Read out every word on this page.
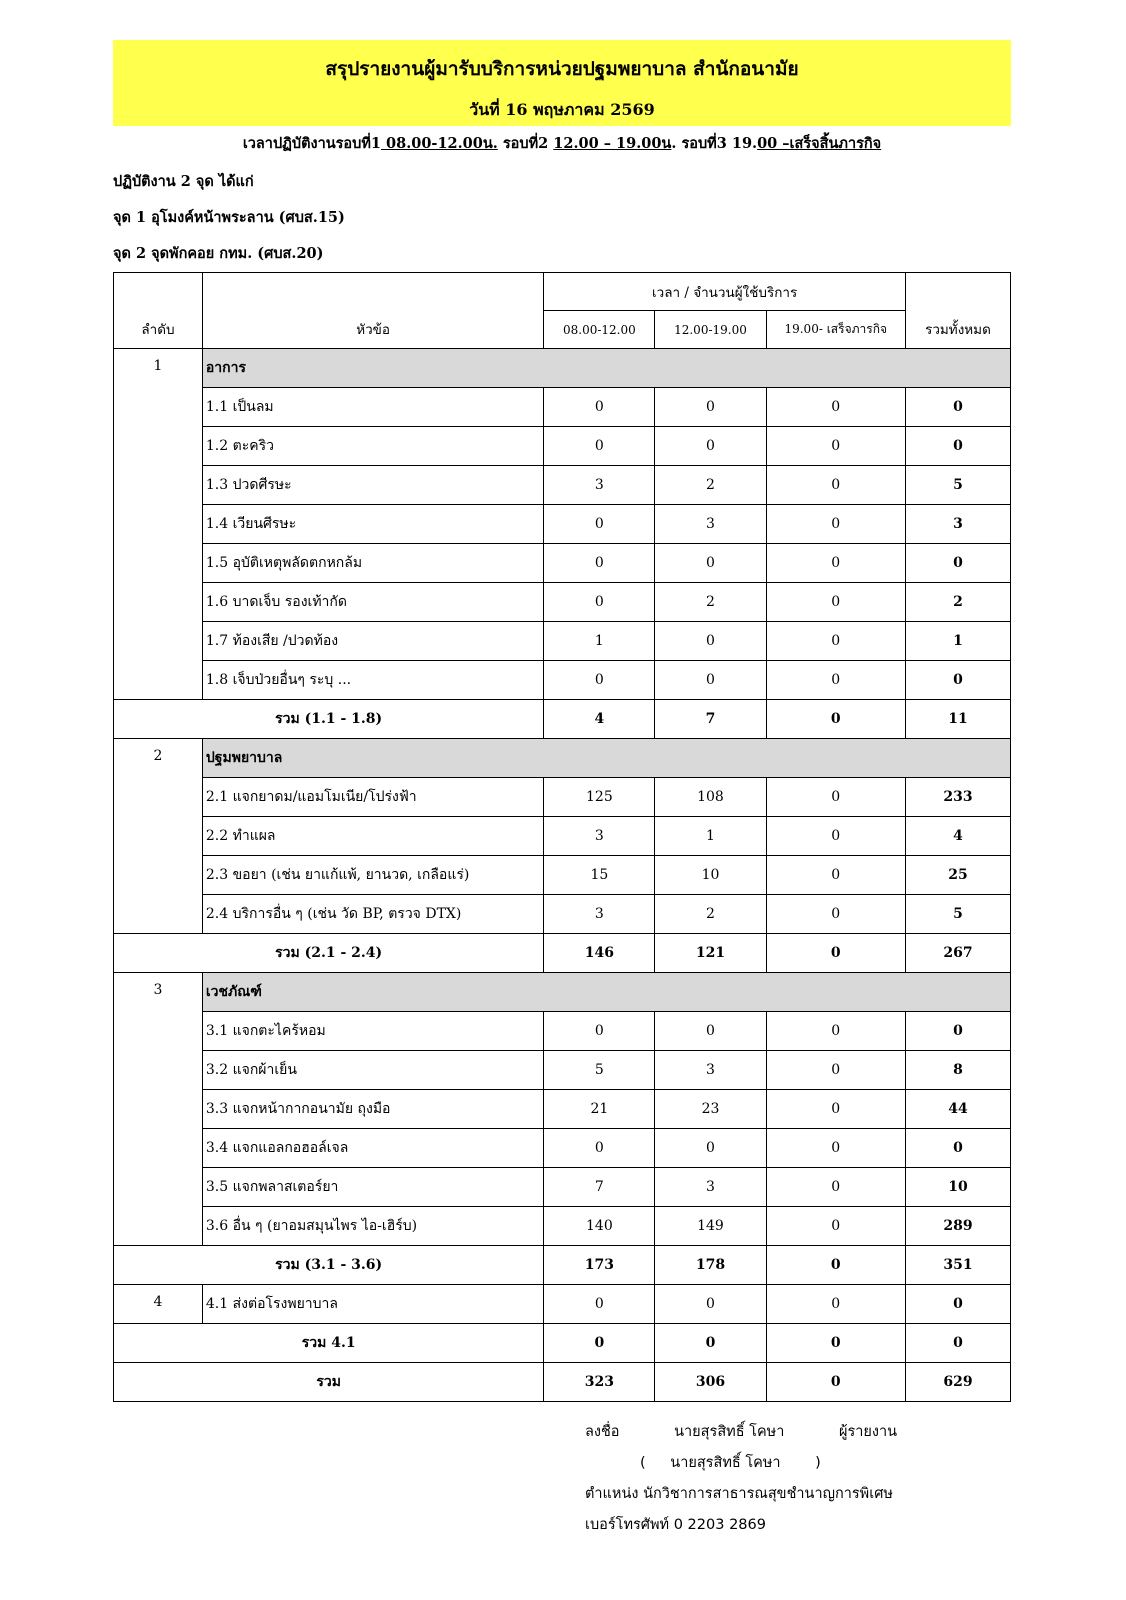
สรุปรายงานผู้มารับบริการหน่วยปฐมพยาบาล สำนักอนามัย
วันที่ 16 พฤษภาคม 2569
เวลาปฏิบัติงานรอบที่1 08.00-12.00น. รอบที่2 12.00 – 19.00น. รอบที่3 19.00 –เสร็จสิ้นภารกิจ
ปฏิบัติงาน 2 จุด ได้แก่
จุด 1 อุโมงค์หน้าพระลาน (ศบส.15)
จุด 2 จุดพักคอย กทม. (ศบส.20)
ลำดับ	หัวข้อ	เวลา / จำนวนผู้ใช้บริการ			รวมทั้งหมด
		08.00-12.00	12.00-19.00	19.00- เสร็จภารกิจ	
1	อาการ				
	1.1 เป็นลม	0	0	0	0
	1.2 ตะคริว	0	0	0	0
	1.3 ปวดศีรษะ	3	2	0	5
	1.4 เวียนศีรษะ	0	3	0	3
	1.5 อุบัติเหตุพลัดตกหกล้ม	0	0	0	0
	1.6 บาดเจ็บ รองเท้ากัด	0	2	0	2
	1.7 ท้องเสีย /ปวดท้อง	1	0	0	1
	1.8 เจ็บป่วยอื่นๆ ระบุ ...	0	0	0	0
รวม (1.1 - 1.8)		4	7	0	11
2	ปฐมพยาบาล				
	2.1 แจกยาดม/แอมโมเนีย/โปร่งฟ้า	125	108	0	233
	2.2 ทำแผล	3	1	0	4
	2.3 ขอยา (เช่น ยาแก้แพ้, ยานวด, เกลือแร่)	15	10	0	25
	2.4 บริการอื่น ๆ (เช่น วัด BP, ตรวจ DTX)	3	2	0	5
รวม (2.1 - 2.4)		146	121	0	267
3	เวชภัณฑ์				
	3.1 แจกตะไคร้หอม	0	0	0	0
	3.2 แจกผ้าเย็น	5	3	0	8
	3.3 แจกหน้ากากอนามัย ถุงมือ	21	23	0	44
	3.4 แจกแอลกอฮอล์เจล	0	0	0	0
	3.5 แจกพลาสเตอร์ยา	7	3	0	10
	3.6 อื่น ๆ (ยาอมสมุนไพร ไอ-เฮิร์บ)	140	149	0	289
รวม (3.1 - 3.6)		173	178	0	351
4	4.1 ส่งต่อโรงพยาบาล	0	0	0	0
รวม 4.1		0	0	0	0
รวม		323	306	0	629
ลงชื่อ	นายสุรสิทธิ์ โคษา	ผู้รายงาน
( นายสุรสิทธิ์ โคษา )
ตำแหน่ง นักวิชาการสาธารณสุขชำนาญการพิเศษ
เบอร์โทรศัพท์ 0 2203 2869
